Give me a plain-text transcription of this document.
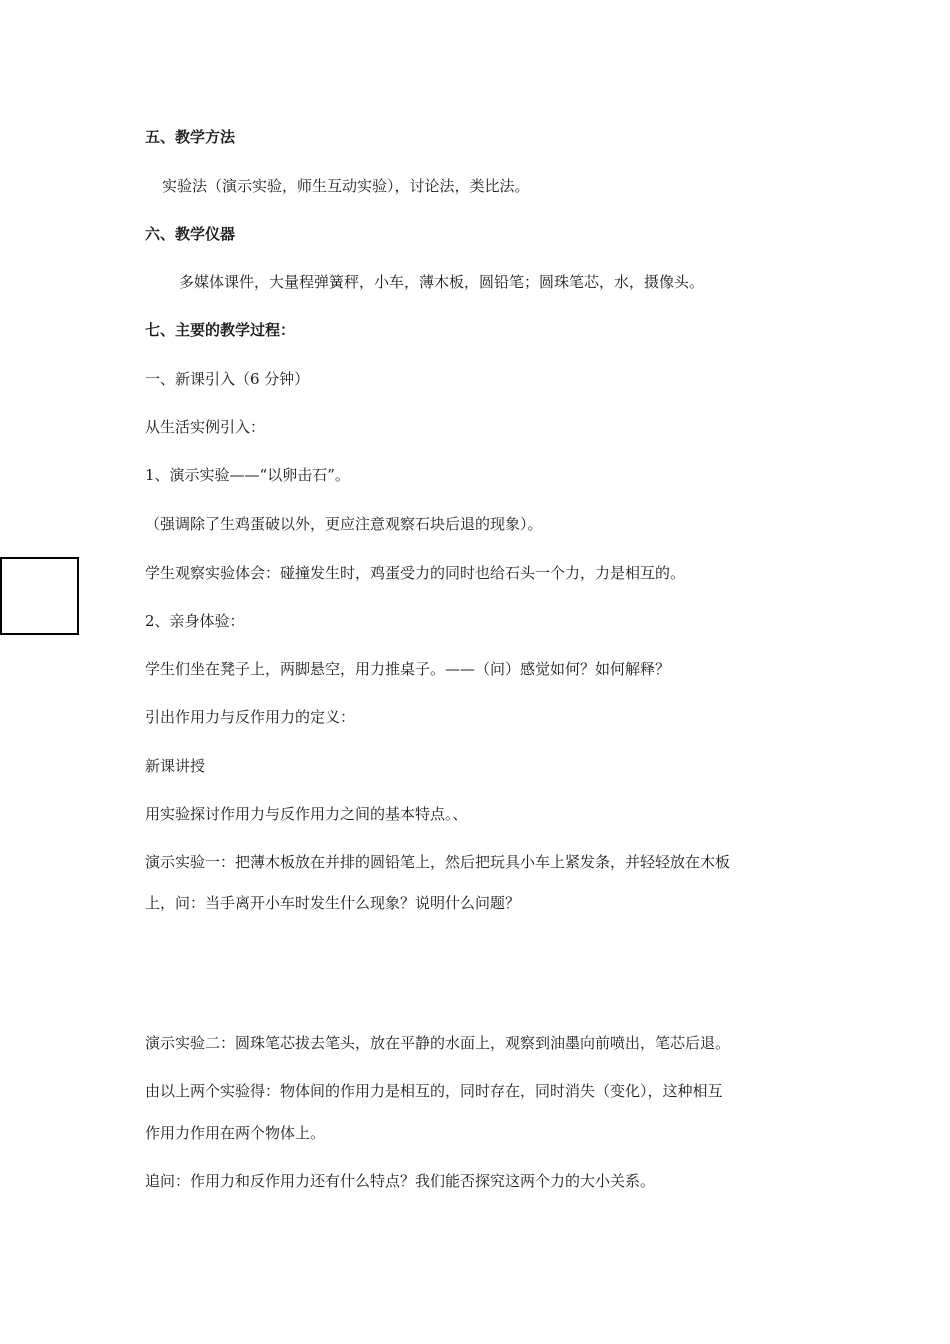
五、教学方法
实验法（演示实验，师生互动实验），讨论法，类比法。
六、教学仪器
多媒体课件，大量程弹簧秤，小车，薄木板，圆铅笔；圆珠笔芯，水，摄像头。
七、主要的教学过程：
一、新课引入（6 分钟）
从生活实例引入：
1、演示实验——“以卵击石”。
（强调除了生鸡蛋破以外，更应注意观察石块后退的现象）。
学生观察实验体会：碰撞发生时，鸡蛋受力的同时也给石头一个力，力是相互的。
2、亲身体验：
学生们坐在凳子上，两脚悬空，用力推桌子。——（问）感觉如何？如何解释？
引出作用力与反作用力的定义：
新课讲授
用实验探讨作用力与反作用力之间的基本特点。、
演示实验一：把薄木板放在并排的圆铅笔上，然后把玩具小车上紧发条，并轻轻放在木板
上，问：当手离开小车时发生什么现象？说明什么问题？
演示实验二：圆珠笔芯拔去笔头，放在平静的水面上，观察到油墨向前喷出，笔芯后退。
由以上两个实验得：物体间的作用力是相互的，同时存在，同时消失（变化），这种相互
作用力作用在两个物体上。
追问：作用力和反作用力还有什么特点？我们能否探究这两个力的大小关系。
